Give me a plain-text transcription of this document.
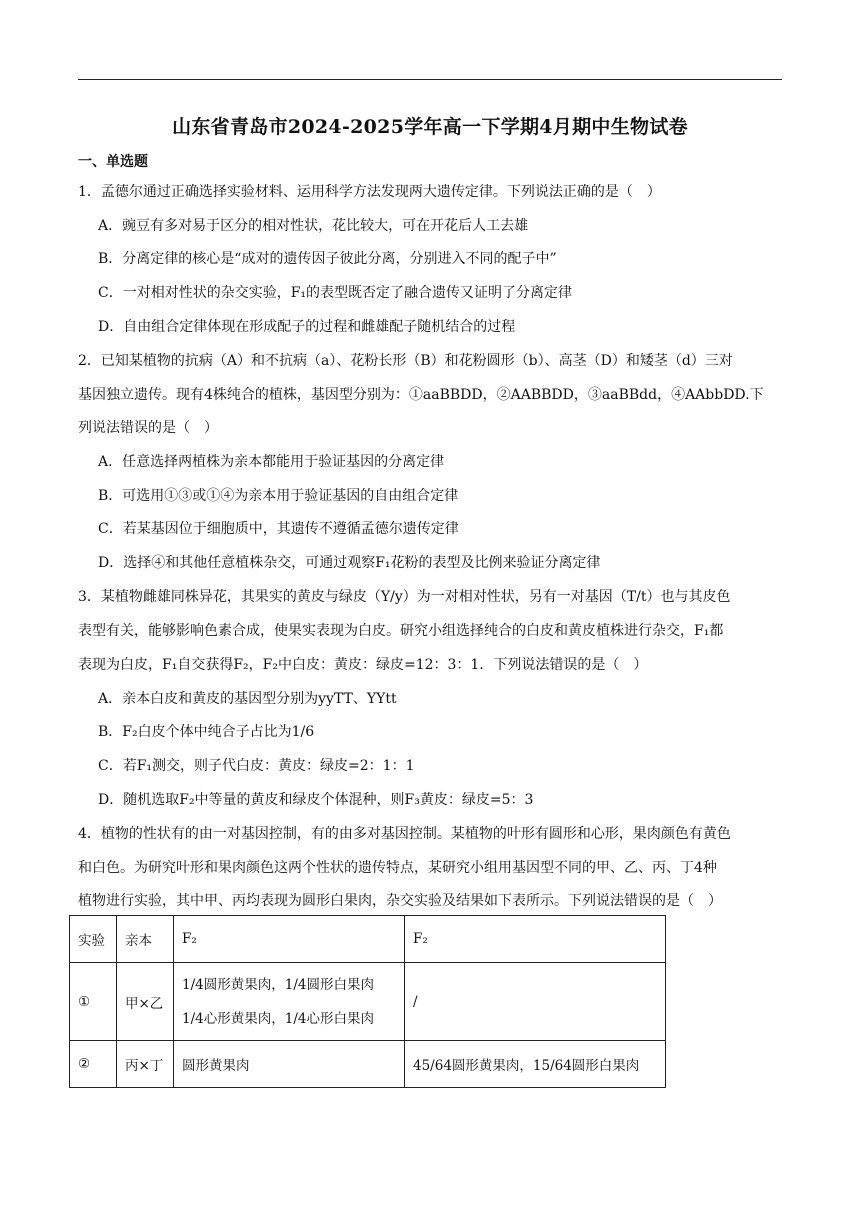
山东省青岛市2024-2025学年高一下学期4月期中生物试卷
一、单选题
1．孟德尔通过正确选择实验材料、运用科学方法发现两大遗传定律。下列说法正确的是（　）
A．豌豆有多对易于区分的相对性状，花比较大，可在开花后人工去雄
B．分离定律的核心是“成对的遗传因子彼此分离，分别进入不同的配子中”
C．一对相对性状的杂交实验，F₁的表型既否定了融合遗传又证明了分离定律
D．自由组合定律体现在形成配子的过程和雌雄配子随机结合的过程
2．已知某植物的抗病（A）和不抗病（a）、花粉长形（B）和花粉圆形（b）、高茎（D）和矮茎（d）三对
基因独立遗传。现有4株纯合的植株，基因型分别为：①aaBBDD，②AABBDD，③aaBBdd，④AAbbDD.下
列说法错误的是（　）
A．任意选择两植株为亲本都能用于验证基因的分离定律
B．可选用①③或①④为亲本用于验证基因的自由组合定律
C．若某基因位于细胞质中，其遗传不遵循孟德尔遗传定律
D．选择④和其他任意植株杂交，可通过观察F₁花粉的表型及比例来验证分离定律
3．某植物雌雄同株异花，其果实的黄皮与绿皮（Y/y）为一对相对性状，另有一对基因（T/t）也与其皮色
表型有关，能够影响色素合成，使果实表现为白皮。研究小组选择纯合的白皮和黄皮植株进行杂交，F₁都
表现为白皮，F₁自交获得F₂，F₂中白皮：黄皮：绿皮=12：3：1．下列说法错误的是（　）
A．亲本白皮和黄皮的基因型分别为yyTT、YYtt
B．F₂白皮个体中纯合子占比为1/6
C．若F₁测交，则子代白皮：黄皮：绿皮=2：1：1
D．随机选取F₂中等量的黄皮和绿皮个体混种，则F₃黄皮：绿皮=5：3
4．植物的性状有的由一对基因控制，有的由多对基因控制。某植物的叶形有圆形和心形，果肉颜色有黄色
和白色。为研究叶形和果肉颜色这两个性状的遗传特点，某研究小组用基因型不同的甲、乙、丙、丁4种
植物进行实验，其中甲、丙均表现为圆形白果肉，杂交实验及结果如下表所示。下列说法错误的是（　）
实验	亲本	F₂	F₂
①	甲×乙	1/4圆形黄果肉，1/4圆形白果肉
1/4心形黄果肉，1/4心形白果肉	/
②	丙×丁	圆形黄果肉	45/64圆形黄果肉，15/64圆形白果肉
